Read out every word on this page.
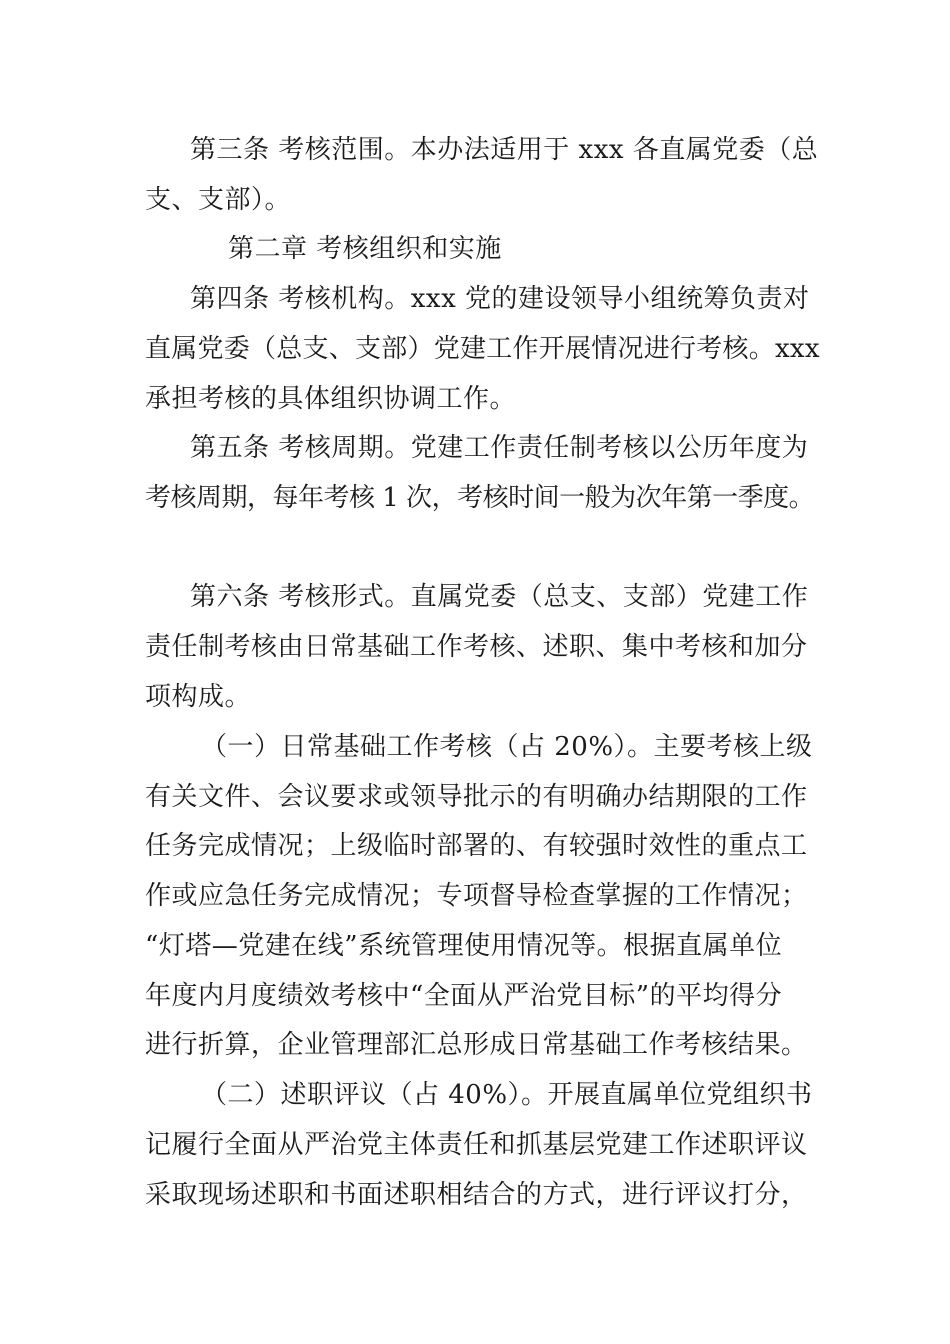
第三条 考核范围。本办法适用于 xxx 各直属党委（总
支、支部）。
第二章 考核组织和实施
第四条 考核机构。xxx 党的建设领导小组统筹负责对
直属党委（总支、支部）党建工作开展情况进行考核。xxx
承担考核的具体组织协调工作。
第五条 考核周期。党建工作责任制考核以公历年度为
考核周期，每年考核 1 次，考核时间一般为次年第一季度。
第六条 考核形式。直属党委（总支、支部）党建工作
责任制考核由日常基础工作考核、述职、集中考核和加分
项构成。
（一）日常基础工作考核（占 20%）。主要考核上级
有关文件、会议要求或领导批示的有明确办结期限的工作
任务完成情况；上级临时部署的、有较强时效性的重点工
作或应急任务完成情况；专项督导检查掌握的工作情况；
“灯塔—党建在线”系统管理使用情况等。根据直属单位
年度内月度绩效考核中“全面从严治党目标”的平均得分
进行折算，企业管理部汇总形成日常基础工作考核结果。
（二）述职评议（占 40%）。开展直属单位党组织书
记履行全面从严治党主体责任和抓基层党建工作述职评议
采取现场述职和书面述职相结合的方式，进行评议打分，
